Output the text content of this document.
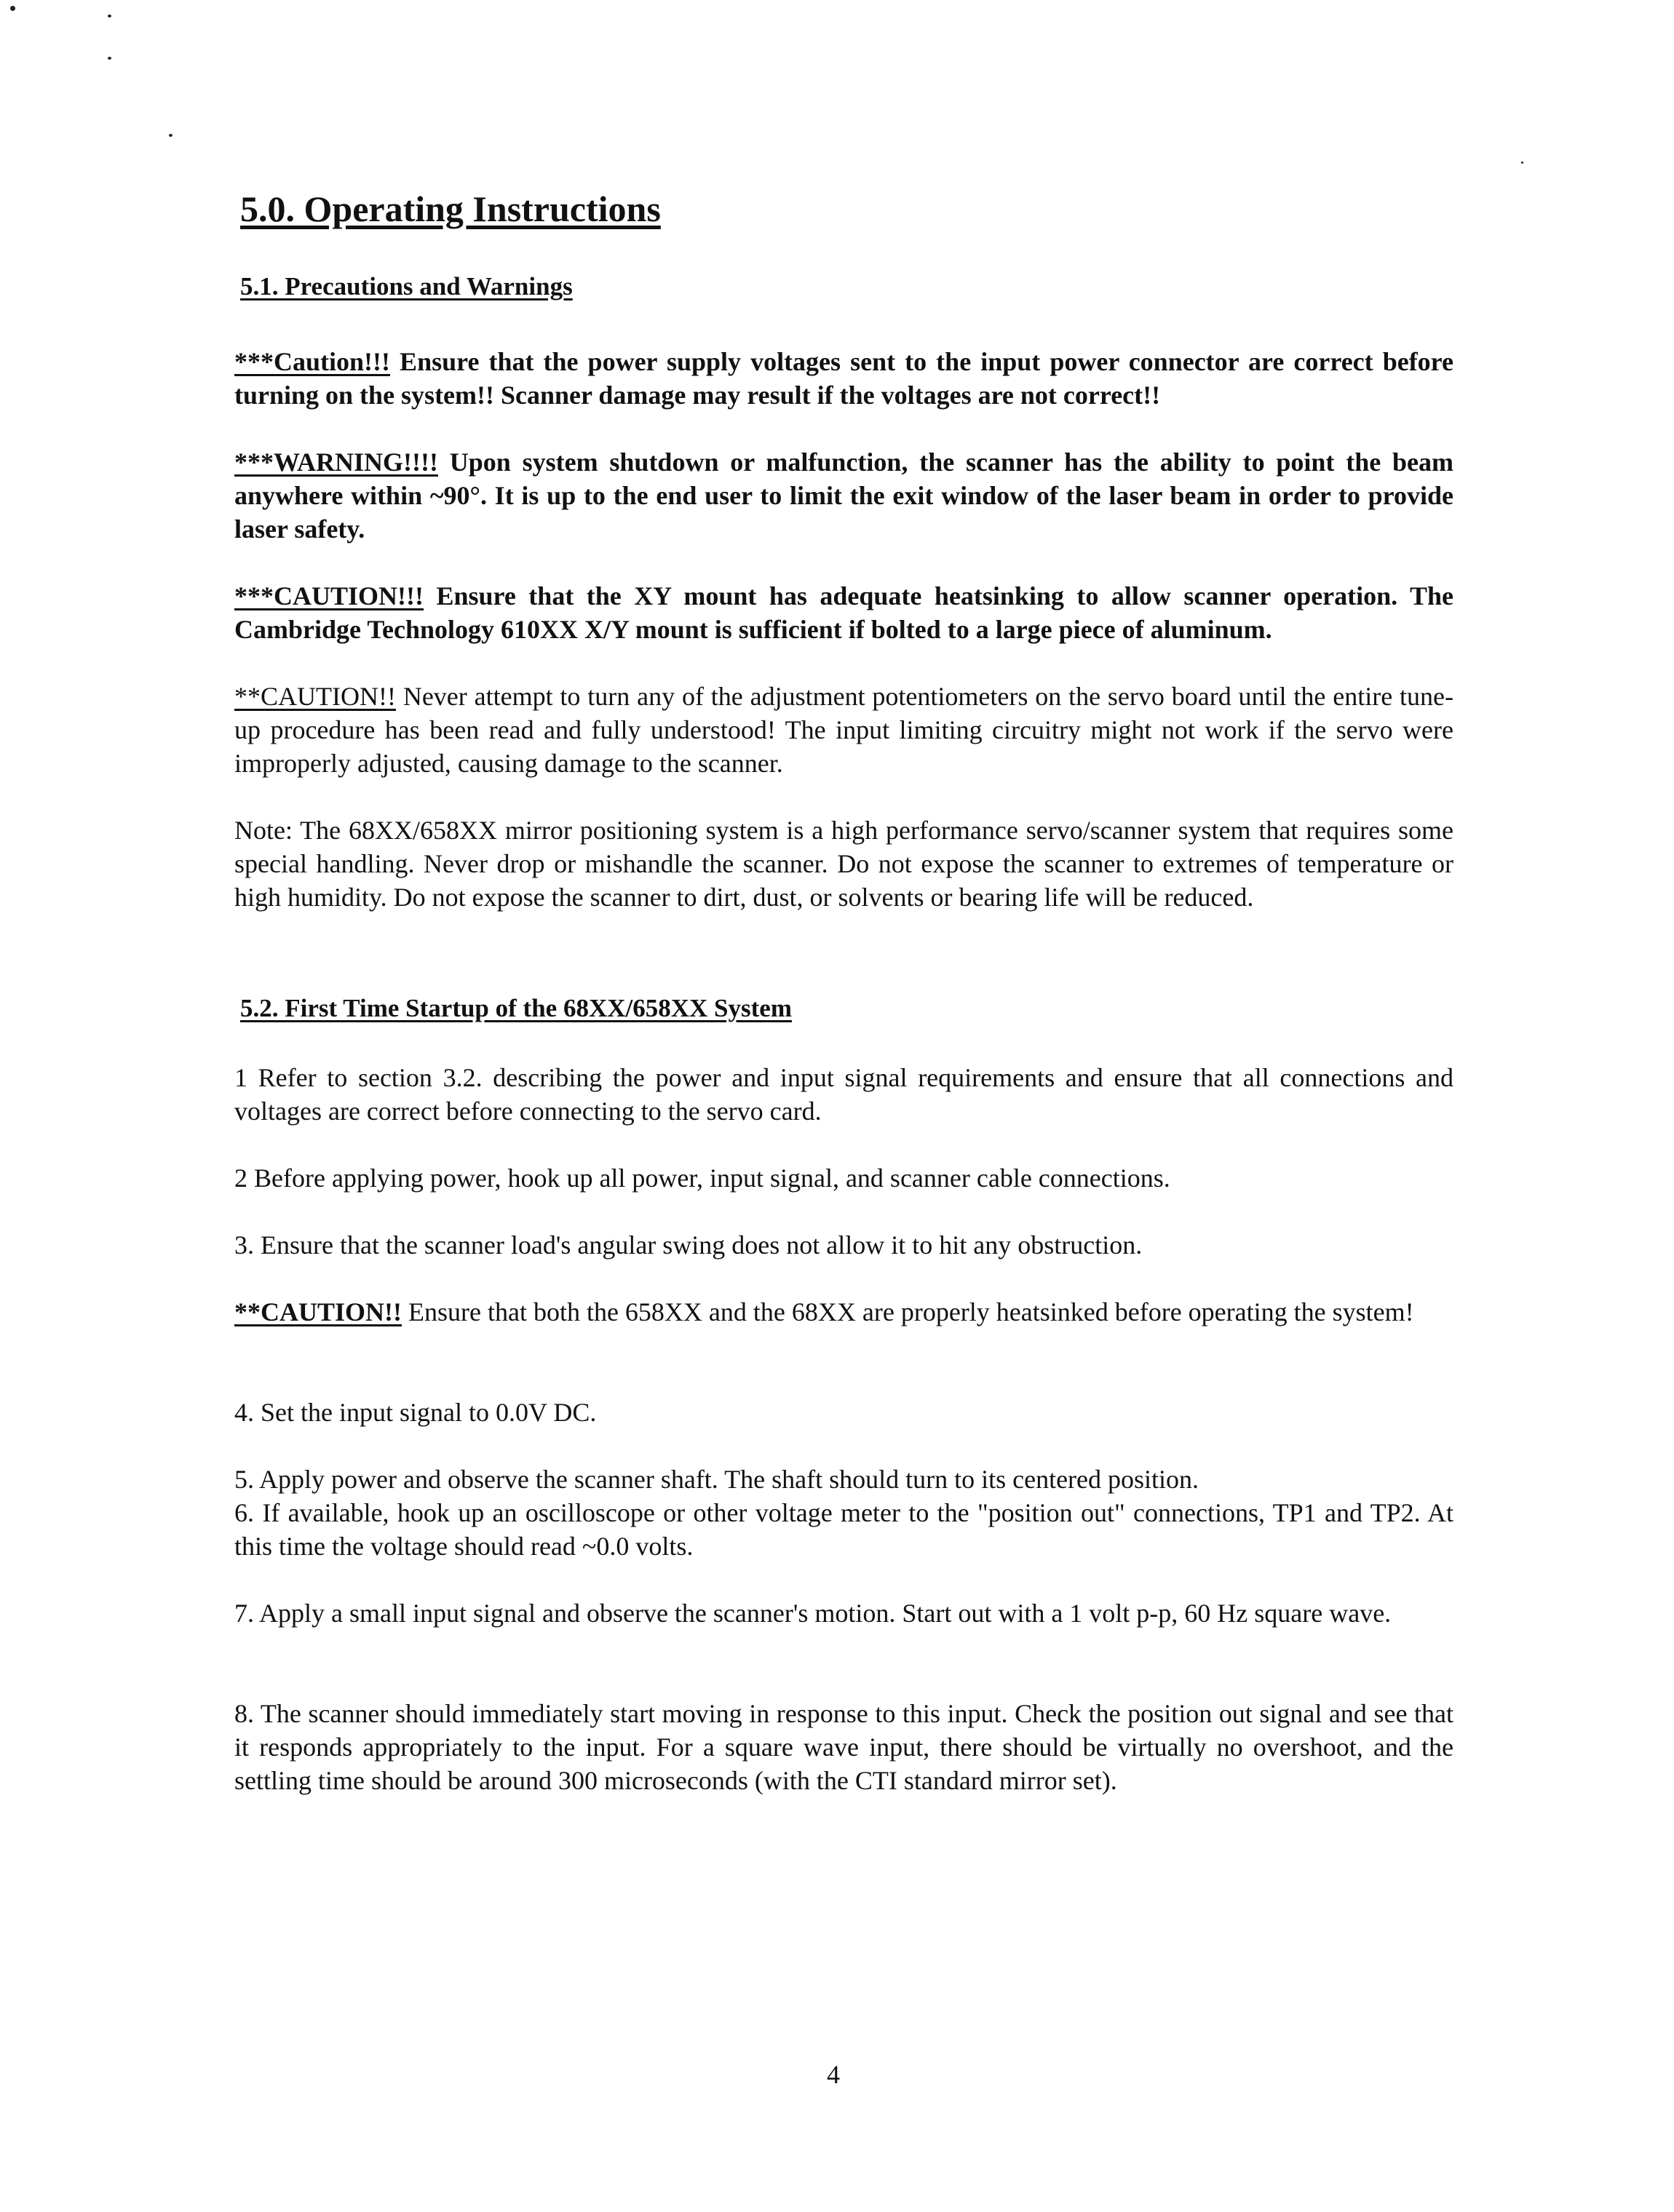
5.0. Operating Instructions
5.1. Precautions and Warnings
***Caution!!! Ensure that the power supply voltages sent to the input power connector are correct before turning on the system!! Scanner damage may result if the voltages are not correct!!
***WARNING!!!! Upon system shutdown or malfunction, the scanner has the ability to point the beam anywhere within ~90°. It is up to the end user to limit the exit window of the laser beam in order to provide laser safety.
***CAUTION!!! Ensure that the XY mount has adequate heatsinking to allow scanner operation. The Cambridge Technology 610XX X/Y mount is sufficient if bolted to a large piece of aluminum.
**CAUTION!! Never attempt to turn any of the adjustment potentiometers on the servo board until the entire tune-up procedure has been read and fully understood! The input limiting circuitry might not work if the servo were improperly adjusted, causing damage to the scanner.
Note: The 68XX/658XX mirror positioning system is a high performance servo/scanner system that requires some special handling. Never drop or mishandle the scanner. Do not expose the scanner to extremes of temperature or high humidity. Do not expose the scanner to dirt, dust, or solvents or bearing life will be reduced.
5.2. First Time Startup of the 68XX/658XX System
1 Refer to section 3.2. describing the power and input signal requirements and ensure that all connections and voltages are correct before connecting to the servo card.
2 Before applying power, hook up all power, input signal, and scanner cable connections.
3. Ensure that the scanner load's angular swing does not allow it to hit any obstruction.
**CAUTION!! Ensure that both the 658XX and the 68XX are properly heatsinked before operating the system!
4. Set the input signal to 0.0V DC.
5. Apply power and observe the scanner shaft. The shaft should turn to its centered position.
6. If available, hook up an oscilloscope or other voltage meter to the "position out" connections, TP1 and TP2. At this time the voltage should read ~0.0 volts.
7. Apply a small input signal and observe the scanner's motion. Start out with a 1 volt p-p, 60 Hz square wave.
8. The scanner should immediately start moving in response to this input. Check the position out signal and see that it responds appropriately to the input. For a square wave input, there should be virtually no overshoot, and the settling time should be around 300 microseconds (with the CTI standard mirror set).
4
